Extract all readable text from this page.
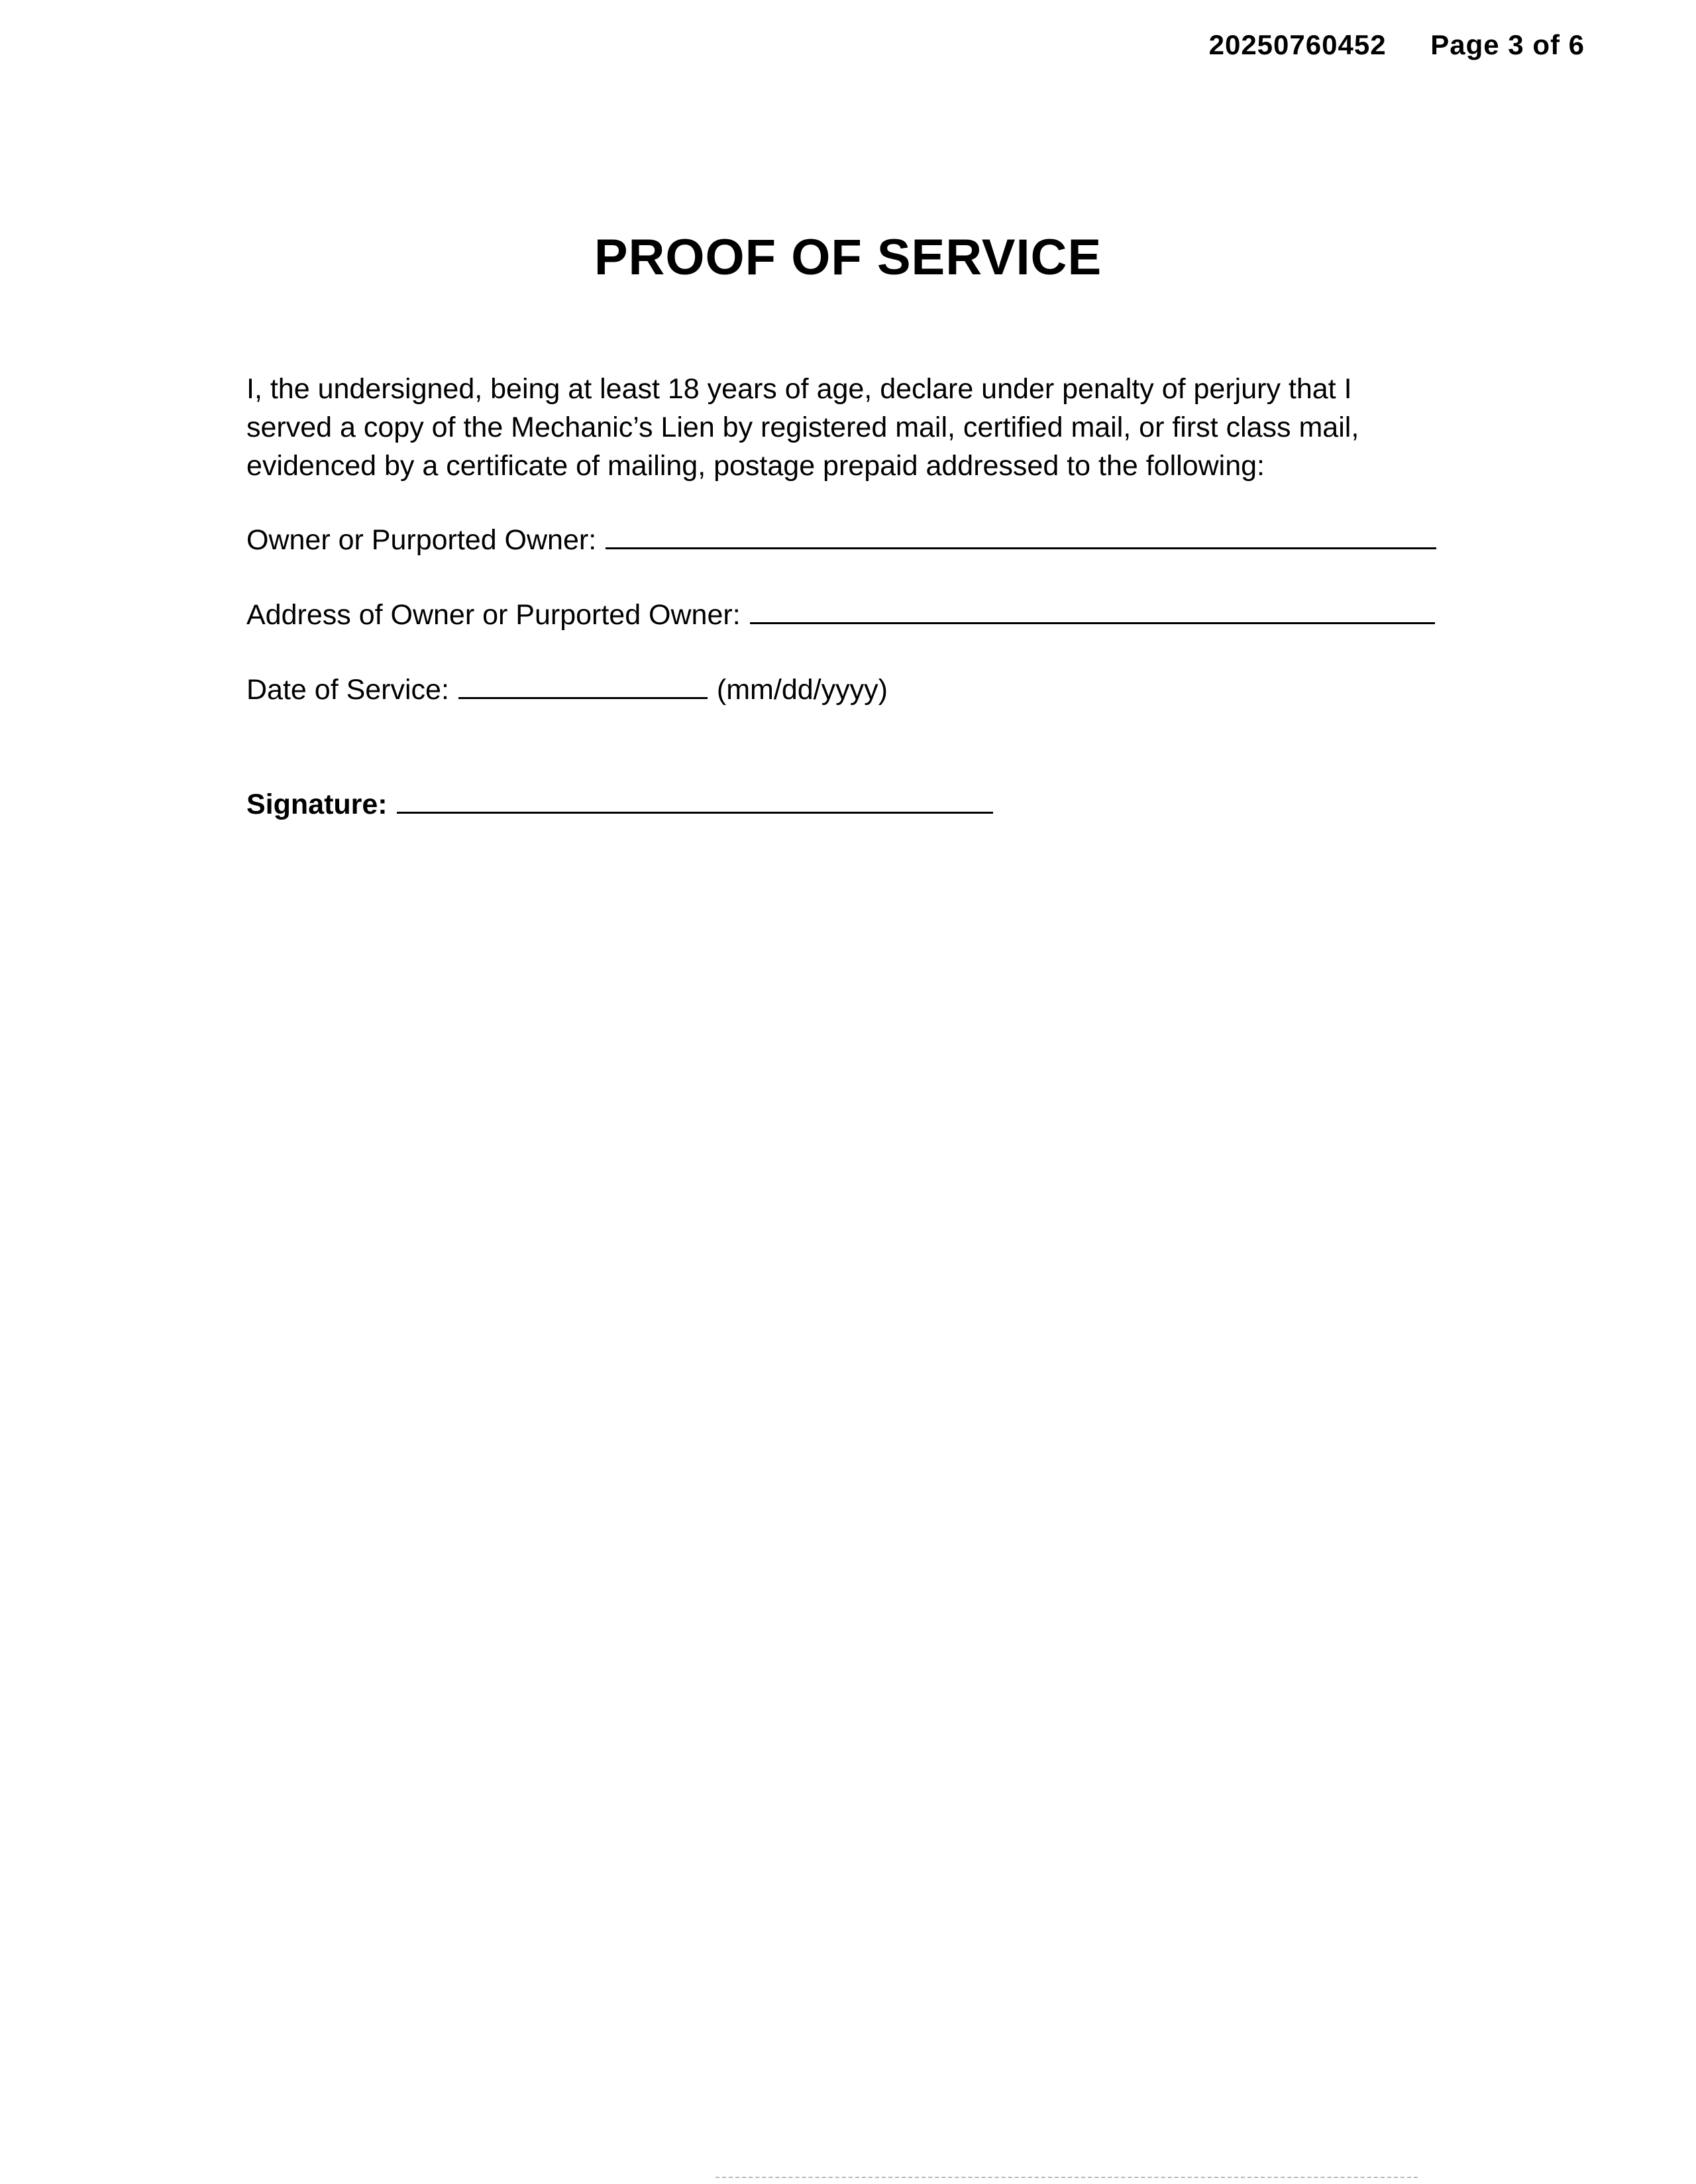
20250760452 Page 3 of 6
PROOF OF SERVICE

I, the undersigned, being at least 18 years of age, declare under penalty of perjury that I served a copy of the Mechanic’s Lien by registered mail, certified mail, or first class mail, evidenced by a certificate of mailing, postage prepaid addressed to the following:

Owner or Purported Owner:
Address of Owner or Purported Owner:
Date of Service:	(mm/dd/yyyy)
Signature:
